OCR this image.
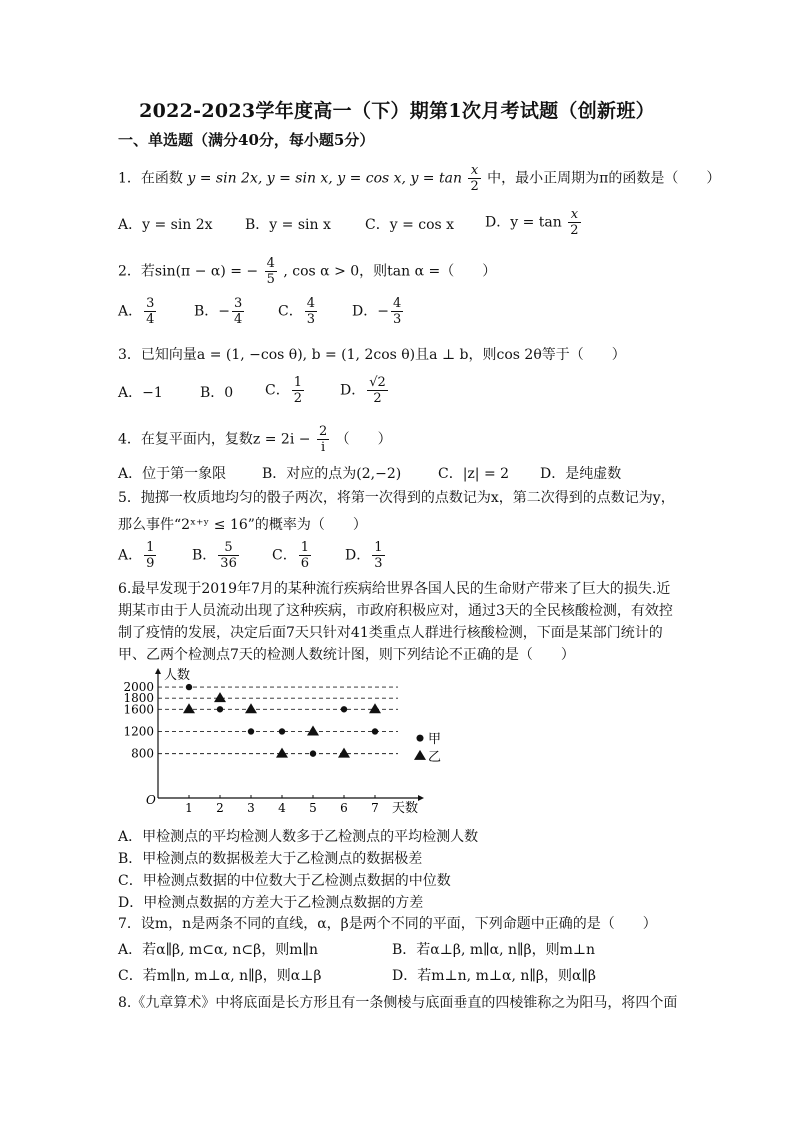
2022-2023学年度高一（下）期第1次月考试题（创新班）
一、单选题（满分40分，每小题5分）
1．在函数 y = sin 2x, y = sin x, y = cos x, $y = \tan \frac{x}{2}$ 中，最小正周期为π的函数是（　　）
A．y = sin 2x B．y = sin x C．y = cos x D．$y = \tan \frac{x}{2}$
2．若sin(π − α) = − $\frac{4}{5}$ , cos α > 0，则tan α =（　　）
A． $\frac{3}{4}$	B．− $\frac{3}{4}$ C． $\frac{4}{3}$	D．− $\frac{4}{3}$
3．已知向量a = (1, −cos θ), b = (1, 2cos θ)且a ⊥ b，则cos 2θ等于（　　）
A．−1	B．0 C． $\frac{1}{2}$	D． $\frac{√2}{2}$
4．在复平面内，复数$z = 2i - \frac{2}{i}$ （　　）
A．位于第一象限	B．对应的点为(2,−2)	C．|z| = 2 D．是纯虚数
5．抛掷一枚质地均匀的骰子两次，将第一次得到的点数记为x，第二次得到的点数记为y，
那么事件“2ˣ⁺ʸ ≤ 16”的概率为（　　）
A． $\frac{1}{9}$	B． $\frac{5}{36}$ C． $\frac{1}{6}$ D． $\frac{1}{3}$
6.最早发现于2019年7月的某种流行疾病给世界各国人民的生命财产带来了巨大的损失.近
期某市由于人员流动出现了这种疾病，市政府积极应对，通过3天的全民核酸检测，有效控
制了疫情的发展，决定后面7天只针对41类重点人群进行核酸检测，下面是某部门统计的
甲、乙两个检测点7天的检测人数统计图，则下列结论不正确的是（　　）
人数
天数
O
800
1200
1600
1800
2000
1 2 3 4 5 6 7
甲
乙
A．甲检测点的平均检测人数多于乙检测点的平均检测人数
B．甲检测点的数据极差大于乙检测点的数据极差
C．甲检测点数据的中位数大于乙检测点数据的中位数
D．甲检测点数据的方差大于乙检测点数据的方差
7．设m，n是两条不同的直线，α，β是两个不同的平面，下列命题中正确的是（　　）
A．若α∥β, m⊂α, n⊂β，则m∥n	B．若α⊥β, m∥α, n∥β，则m⊥n
C．若m∥n, m⊥α, n∥β，则α⊥β	D．若m⊥n, m⊥α, n∥β，则α∥β
8.《九章算术》中将底面是长方形且有一条侧棱与底面垂直的四棱锥称之为阳马，将四个面
